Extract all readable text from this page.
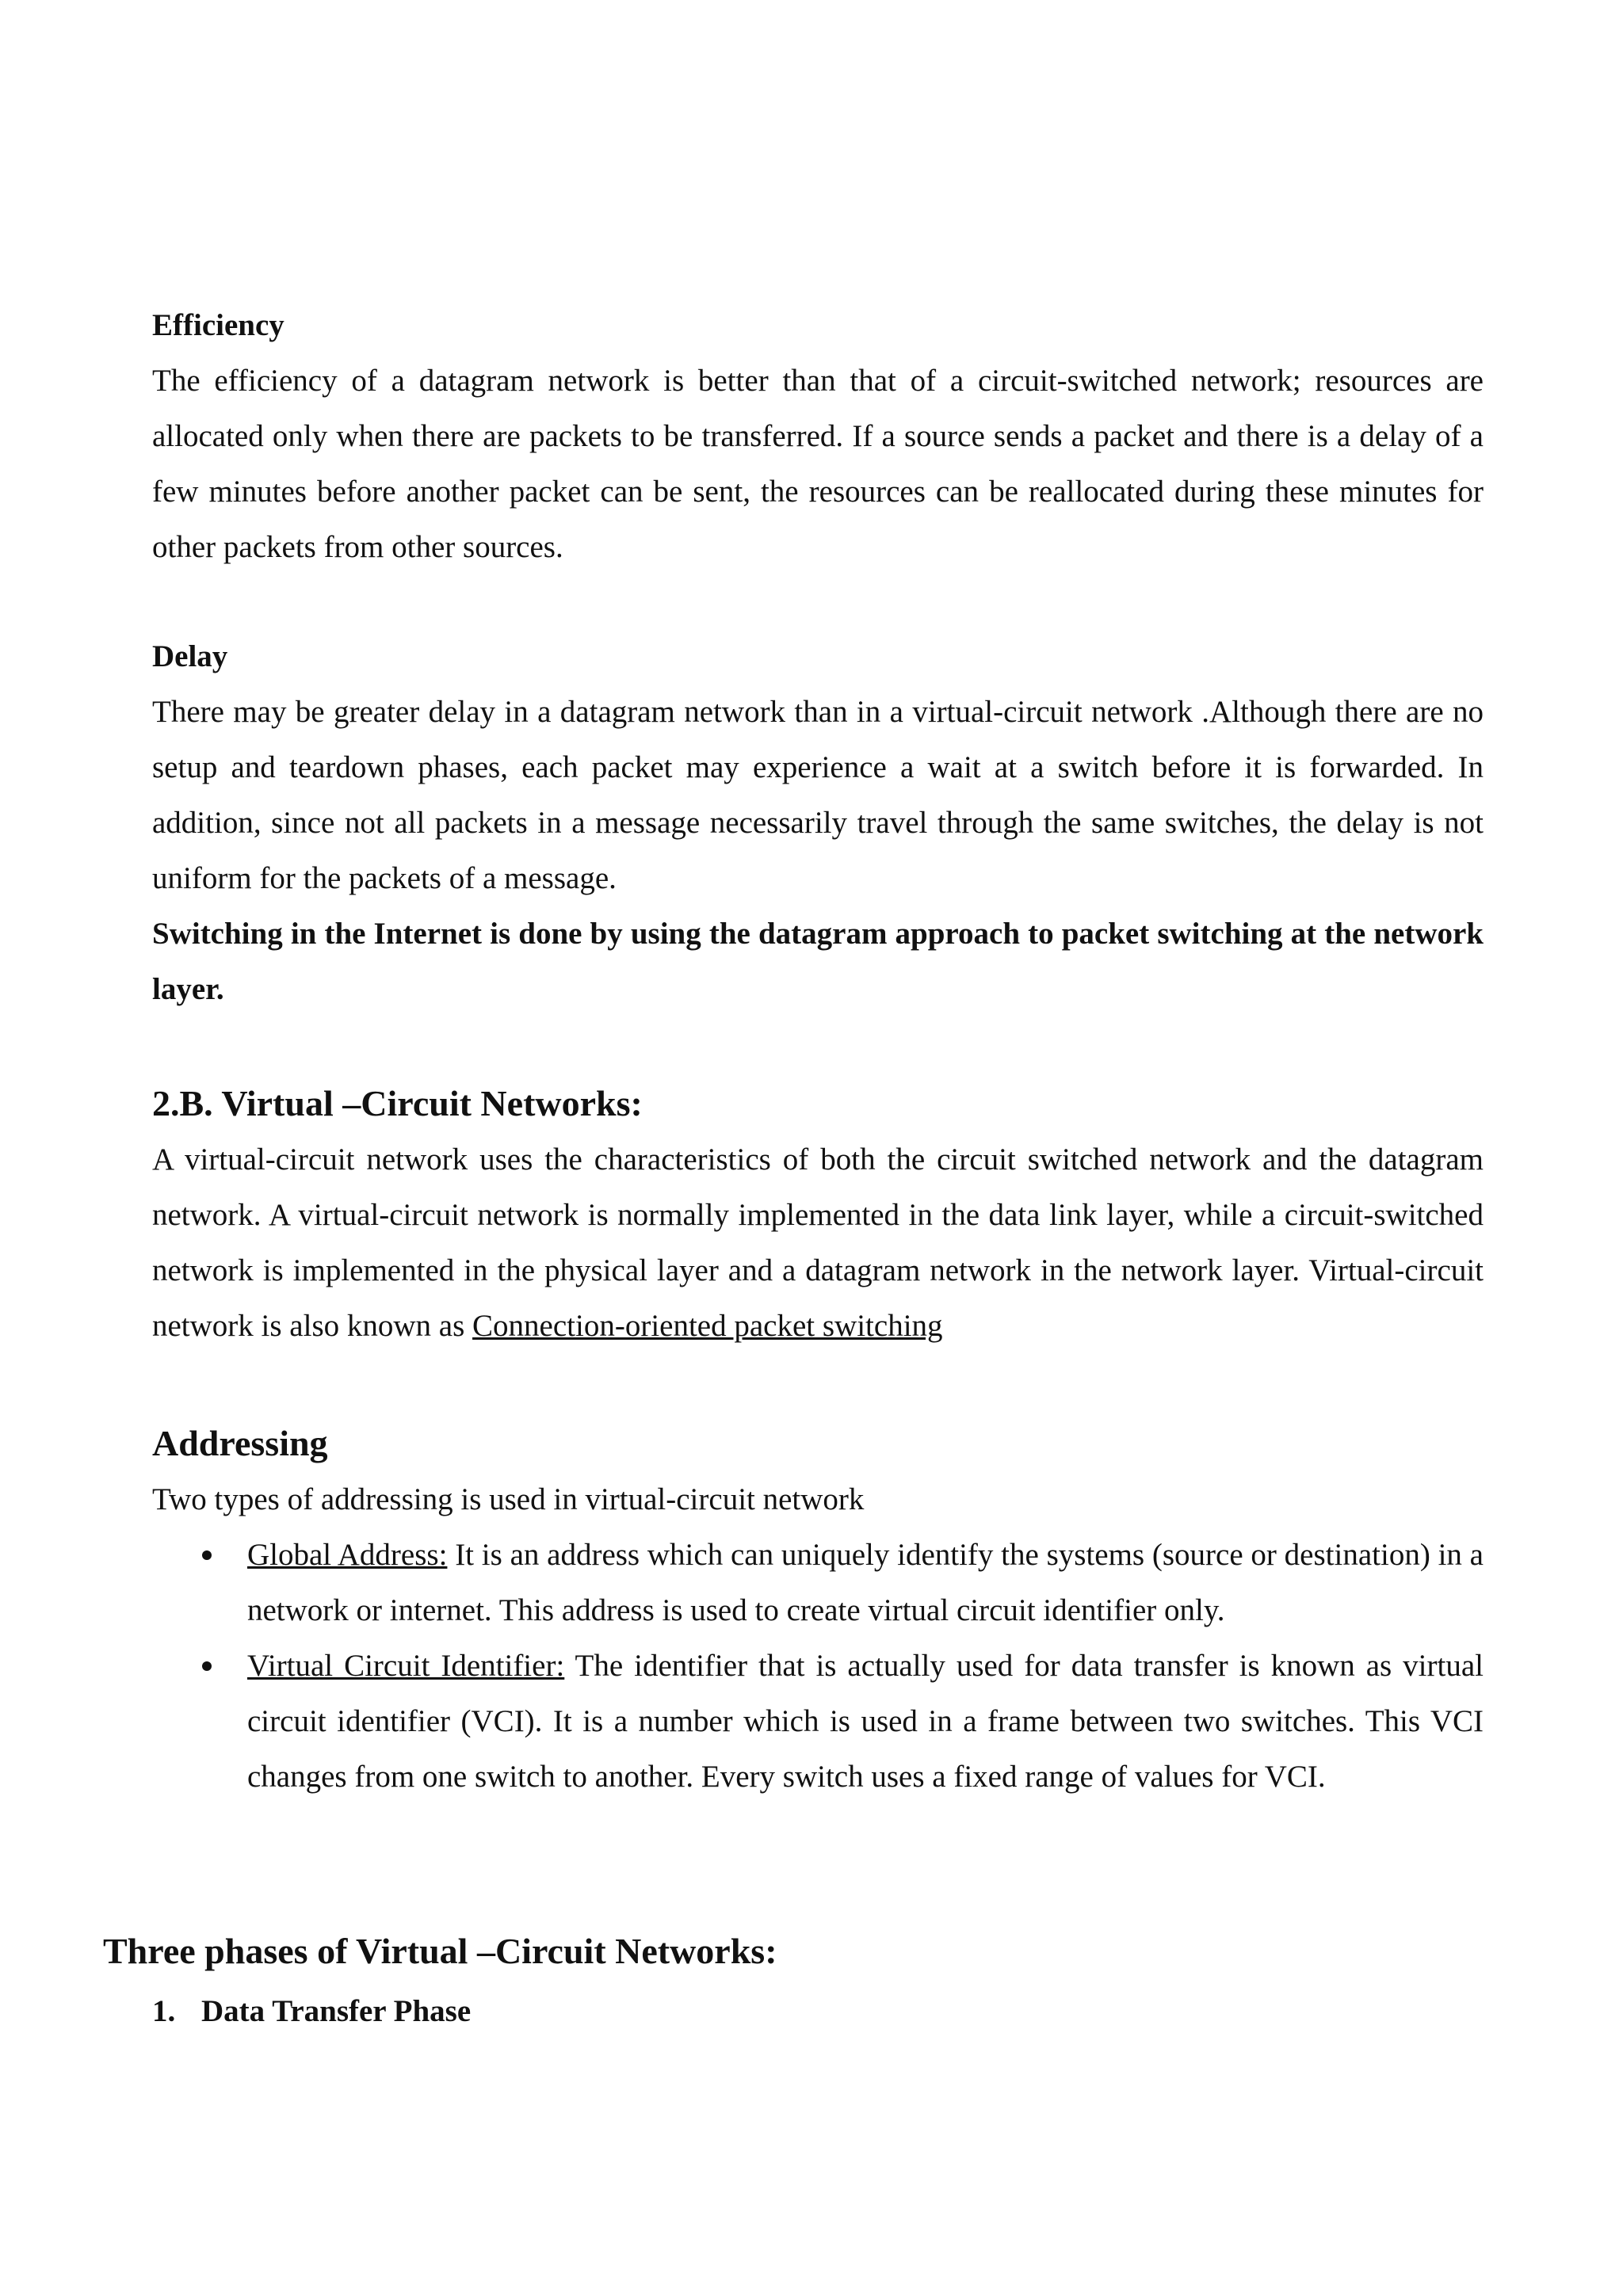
Efficiency

The efficiency of a datagram network is better than that of a circuit-switched network; resources are allocated only when there are packets to be transferred. If a source sends a packet and there is a delay of a few minutes before another packet can be sent, the resources can be reallocated during these minutes for other packets from other sources.

Delay

There may be greater delay in a datagram network than in a virtual-circuit network .Although there are no setup and teardown phases, each packet may experience a wait at a switch before it is forwarded. In addition, since not all packets in a message necessarily travel through the same switches, the delay is not uniform for the packets of a message.

Switching in the Internet is done by using the datagram approach to packet switching at the network layer.

2.B. Virtual –Circuit Networks:

A virtual-circuit network uses the characteristics of both the circuit switched network and the datagram network. A virtual-circuit network is normally implemented in the data link layer, while a circuit-switched network is implemented in the physical layer and a datagram network in the network layer. Virtual-circuit network is also known as Connection-oriented packet switching

Addressing

Two types of addressing is used in virtual-circuit network

Global Address: It is an address which can uniquely identify the systems (source or destination) in a network or internet. This address is used to create virtual circuit identifier only.
Virtual Circuit Identifier: The identifier that is actually used for data transfer is known as virtual circuit identifier (VCI). It is a number which is used in a frame between two switches. This VCI changes from one switch to another. Every switch uses a fixed range of values for VCI.

Three phases of Virtual –Circuit Networks:

1. Data Transfer Phase
